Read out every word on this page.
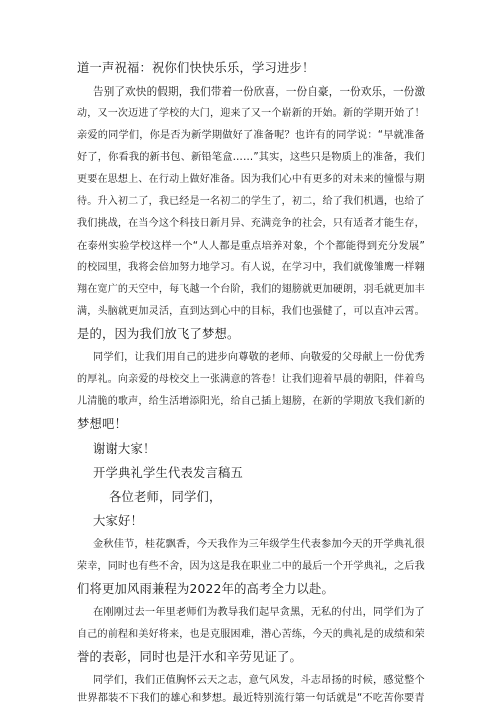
道一声祝福：祝你们快快乐乐，学习进步！
告别了欢快的假期，我们带着一份欣喜，一份自豪，一份欢乐，一份激
动，又一次迈进了学校的大门，迎来了又一个崭新的开始。新的学期开始了！
亲爱的同学们，你是否为新学期做好了准备呢？也许有的同学说：“早就准备
好了，你看我的新书包、新铅笔盒……”其实，这些只是物质上的准备，我们
更要在思想上、在行动上做好准备。因为我们心中有更多的对未来的憧憬与期
待。升入初二了，我已经是一名初二的学生了，初二，给了我们机遇，也给了
我们挑战，在当今这个科技日新月异、充满竞争的社会，只有适者才能生存，
在泰州实验学校这样一个“人人都是重点培养对象，个个都能得到充分发展”
的校园里，我将会倍加努力地学习。有人说，在学习中，我们就像雏鹰一样翱
翔在宽广的天空中，每飞越一个台阶，我们的翅膀就更加硬朗，羽毛就更加丰
满，头脑就更加灵活，直到达到心中的目标，我们也强健了，可以直冲云霄。
是的，因为我们放飞了梦想。
同学们，让我们用自己的进步向尊敬的老师、向敬爱的父母献上一份优秀
的厚礼。向亲爱的母校交上一张满意的答卷！让我们迎着早晨的朝阳，伴着鸟
儿清脆的歌声，给生活增添阳光，给自己插上翅膀，在新的学期放飞我们新的
梦想吧！
谢谢大家！
开学典礼学生代表发言稿五
各位老师，同学们，
大家好！
金秋佳节，桂花飘香，今天我作为三年级学生代表参加今天的开学典礼很
荣幸，同时也有些不舍，因为这是我在职业二中的最后一个开学典礼，之后我
们将更加风雨兼程为2022年的高考全力以赴。
在刚刚过去一年里老师们为教导我们起早贪黑，无私的付出，同学们为了
自己的前程和美好将来，也是克服困难，潜心苦练，今天的典礼是的成绩和荣
誉的表彰，同时也是汗水和辛劳见证了。
同学们，我们正值胸怀云天之志，意气风发，斗志昂扬的时候，感觉整个
世界都装不下我们的雄心和梦想。最近特别流行第一句话就是“不吃苦你要青
